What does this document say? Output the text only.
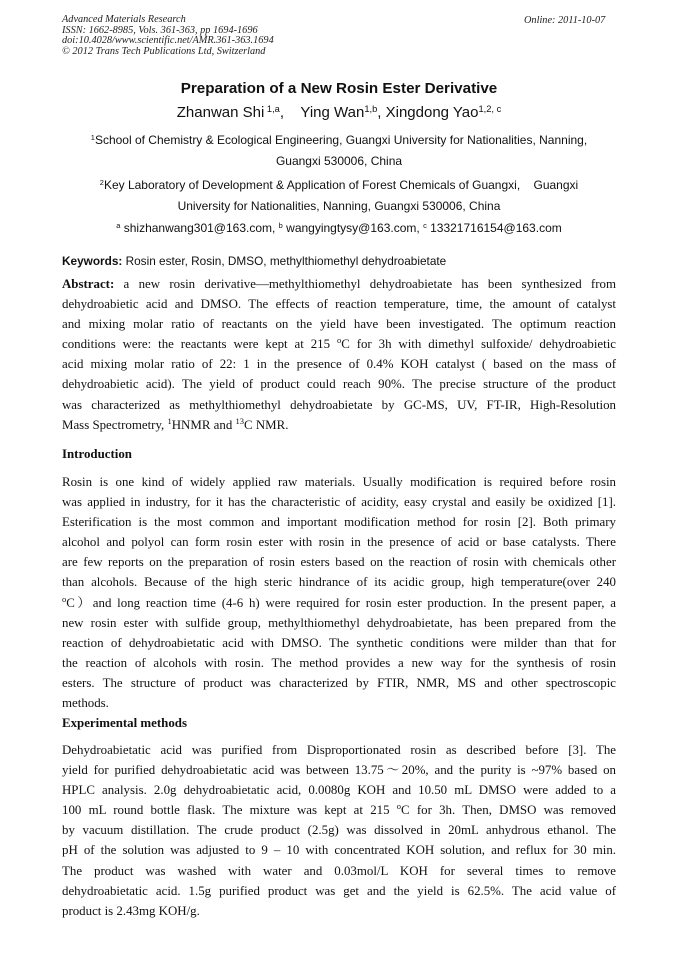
Advanced Materials Research
ISSN: 1662-8985, Vols. 361-363, pp 1694-1696
doi:10.4028/www.scientific.net/AMR.361-363.1694
© 2012 Trans Tech Publications Ltd, Switzerland
Online: 2011-10-07
Preparation of a New Rosin Ester Derivative
Zhanwan Shi $^{1,a}$,    Ying Wan$^{1,b}$, Xingdong Yao$^{1,2, c}$
$^1$School of Chemistry & Ecological Engineering, Guangxi University for Nationalities, Nanning,
Guangxi 530006, China
$^2$Key Laboratory of Development & Application of Forest Chemicals of Guangxi,    Guangxi
University for Nationalities, Nanning, Guangxi 530006, China
$^a$ shizhanwang301@163.com, $^b$ wangyingtysy@163.com, $^c$ 13321716154@163.com
Keywords: Rosin ester, Rosin, DMSO, methylthiomethyl dehydroabietate
Abstract: a new rosin derivative—methylthiomethyl dehydroabietate has been synthesized from
dehydroabietic acid and DMSO. The effects of reaction temperature, time, the amount of catalyst
and mixing molar ratio of reactants on the yield have been investigated. The optimum reaction
conditions were: the reactants were kept at 215 $^o$C for 3h with dimethyl sulfoxide/ dehydroabietic
acid mixing molar ratio of 22: 1 in the presence of 0.4% KOH catalyst ( based on the mass of
dehydroabietic acid). The yield of product could reach 90%. The precise structure of the product
was characterized as methylthiomethyl dehydroabietate by GC-MS, UV, FT-IR, High-Resolution
Mass Spectrometry, $^1$HNMR and $^{13}$C NMR.
Introduction
Rosin is one kind of widely applied raw materials. Usually modification is required before rosin
was applied in industry, for it has the characteristic of acidity, easy crystal and easily be oxidized [1].
Esterification is the most common and important modification method for rosin [2]. Both primary
alcohol and polyol can form rosin ester with rosin in the presence of acid or base catalysts. There
are few reports on the preparation of rosin esters based on the reaction of rosin with chemicals other
than alcohols. Because of the high steric hindrance of its acidic group, high temperature(over 240
$^o$C）and long reaction time (4-6 h) were required for rosin ester production. In the present paper, a
new rosin ester with sulfide group, methylthiomethyl dehydroabietate, has been prepared from the
reaction of dehydroabietatic acid with DMSO. The synthetic conditions were milder than that for
the reaction of alcohols with rosin. The method provides a new way for the synthesis of rosin
esters. The structure of product was characterized by FTIR, NMR, MS and other spectroscopic
methods.
Experimental methods
Dehydroabietatic acid was purified from Disproportionated rosin as described before [3]. The
yield for purified dehydroabietatic acid was between 13.75～20%, and the purity is ~97% based on
HPLC analysis. 2.0g dehydroabietatic acid, 0.0080g KOH and 10.50 mL DMSO were added to a
100 mL round bottle flask. The mixture was kept at 215 $^o$C for 3h. Then, DMSO was removed
by vacuum distillation. The crude product (2.5g) was dissolved in 20mL anhydrous ethanol. The
pH of the solution was adjusted to 9 – 10 with concentrated KOH solution, and reflux for 30 min.
The product was washed with water and 0.03mol/L KOH for several times to remove
dehydroabietatic acid. 1.5g purified product was get and the yield is 62.5%. The acid value of
product is 2.43mg KOH/g.
